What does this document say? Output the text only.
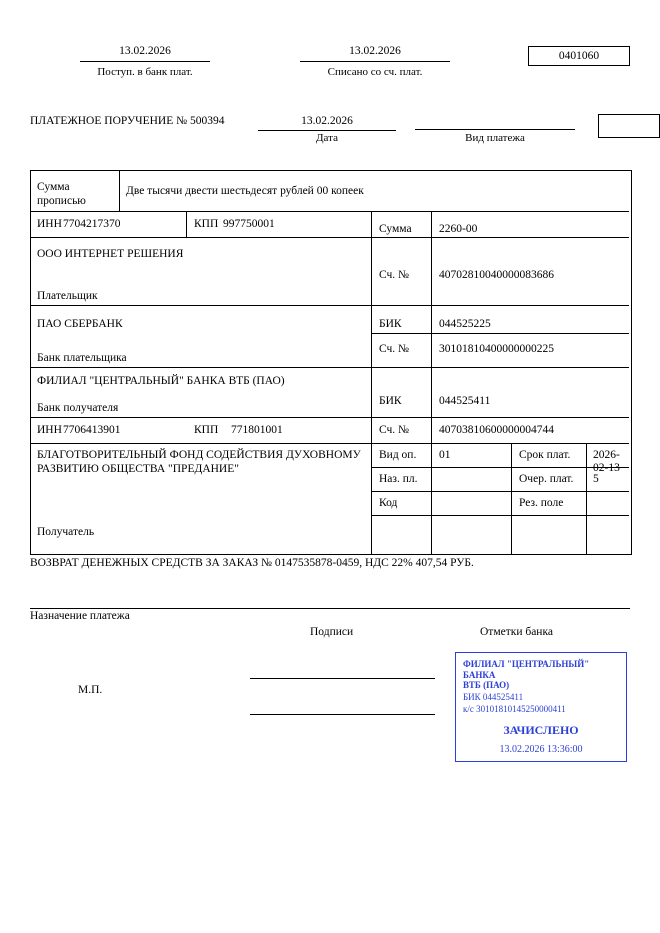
13.02.2026
Поступ. в банк плат.
13.02.2026
Списано со сч. плат.
0401060
ПЛАТЕЖНОЕ ПОРУЧЕНИЕ № 500394	13.02.2026
Дата	Вид платежа
Сумма
прописью
Две тысячи двести шестьдесят рублей 00 копеек
ИНН 7704217370	КПП 997750001	Сумма 2260-00
ООО ИНТЕРНЕТ РЕШЕНИЯ
Сч. №	40702810040000083686
Плательщик
ПАО СБЕРБАНК	БИК	044525225
Сч. №	30101810400000000225
Банк плательщика
ФИЛИАЛ "ЦЕНТРАЛЬНЫЙ" БАНКА ВТБ (ПАО)
БИК	044525411
Банк получателя
ИНН 7706413901	КПП 771801001	Сч. №	40703810600000004744
БЛАГОТВОРИТЕЛЬНЫЙ ФОНД СОДЕЙСТВИЯ ДУХОВНОМУ
РАЗВИТИЮ ОБЩЕСТВА "ПРЕДАНИЕ"
Получатель
Вид оп. 01	Срок плат. 2026-02-13
Наз. пл.	Очер. плат. 5
Код	Рез. поле
ВОЗВРАТ ДЕНЕЖНЫХ СРЕДСТВ ЗА ЗАКАЗ № 0147535878-0459, НДС 22% 407,54 РУБ.
Назначение платежа
Подписи	Отметки банка
М.П.
ФИЛИАЛ "ЦЕНТРАЛЬНЫЙ" БАНКА
ВТБ (ПАО)
БИК 044525411
к/с 30101810145250000411
ЗАЧИСЛЕНО
13.02.2026 13:36:00
